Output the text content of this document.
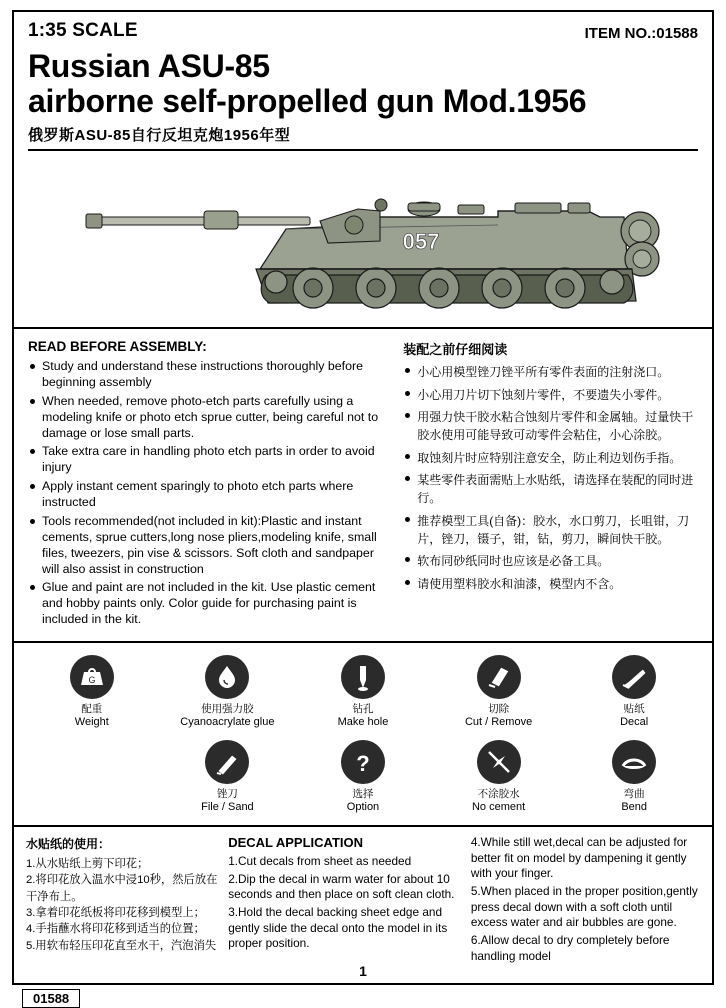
1:35 SCALE	ITEM NO.:01588
Russian ASU-85
airborne self-propelled gun Mod.1956
俄罗斯ASU-85自行反坦克炮1956年型
057
READ BEFORE ASSEMBLY:
Study and understand these instructions thoroughly before beginning assembly
When needed, remove photo-etch parts carefully using a modeling knife or photo etch sprue cutter, being careful not to damage or lose small parts.
Take extra care in handling photo etch parts in order to avoid injury
Apply instant cement sparingly to photo etch parts where instructed
Tools recommended(not included in kit):Plastic and instant cements, sprue cutters,long nose pliers,modeling knife, small files, tweezers, pin vise & scissors. Soft cloth and sandpaper will also assist in construction
Glue and paint are not included in the kit. Use plastic cement and hobby paints only. Color guide for purchasing paint is included in the kit.
装配之前仔细阅读
小心用模型锉刀锉平所有零件表面的注射浇口。
小心用刀片切下蚀刻片零件，不要遗失小零件。
用强力快干胶水粘合蚀刻片零件和金属轴。过量快干胶水使用可能导致可动零件会粘住，小心涂胶。
取蚀刻片时应特别注意安全，防止利边划伤手指。
某些零件表面需贴上水贴纸，请选择在装配的同时进行。
推荐模型工具(自备)：胶水，水口剪刀，长咀钳，刀片，锉刀，镊子，钳，钻，剪刀，瞬间快干胶。
软布同砂纸同时也应该是必备工具。
请使用塑料胶水和油漆，模型内不含。
G
配重
Weight
使用强力胶
Cyanoacrylate glue
钻孔
Make hole
切除
Cut / Remove
贴纸
Decal
锉刀
File / Sand
?
选择
Option
不涂胶水
No cement
弯曲
Bend
水贴纸的使用：
1.从水贴纸上剪下印花；
2.将印花放入温水中浸10秒，然后放在干净布上。
3.拿着印花纸板将印花移到模型上；
4.手指蘸水将印花移到适当的位置；
5.用软布轻压印花直至水干，汽泡消失
DECAL APPLICATION
1.Cut decals from sheet as needed
2.Dip the decal in warm water for about 10 seconds and then place on soft clean cloth.
3.Hold the decal backing sheet edge and gently slide the decal onto the model in its proper position.
4.While still wet,decal can be adjusted for better fit on model by dampening it gently with your finger.
5.When placed in the proper position,gently press decal down with a soft cloth until excess water and air bubbles are gone.
6.Allow decal to dry completely before handling model
01588
1
